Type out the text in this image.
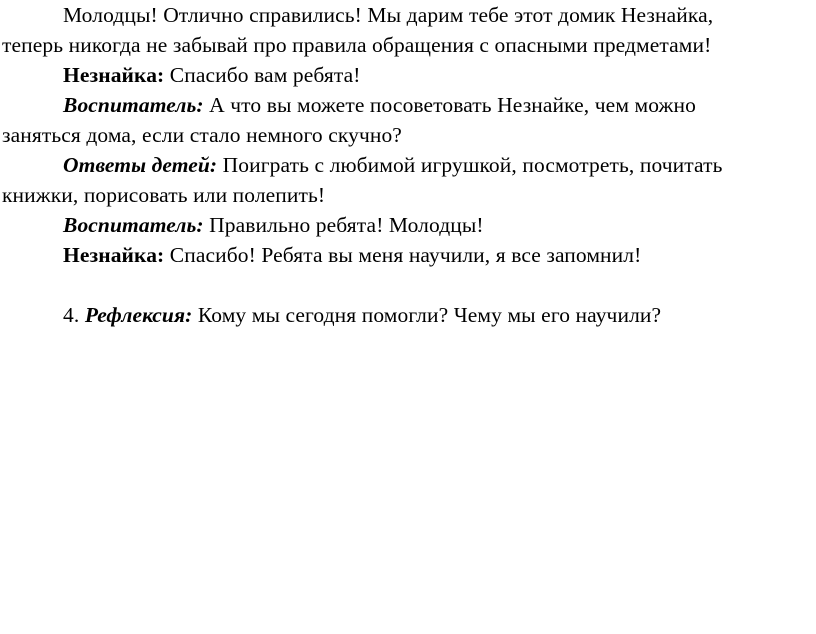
Молодцы! Отлично справились! Мы дарим тебе этот домик Незнайка,
теперь никогда не забывай про правила обращения с опасными предметами!
Незнайка: Спасибо вам ребята!
Воспитатель: А что вы можете посоветовать Незнайке, чем можно
заняться дома, если стало немного скучно?
Ответы детей: Поиграть с любимой игрушкой, посмотреть, почитать
книжки, порисовать или полепить!
Воспитатель: Правильно ребята! Молодцы!
Незнайка: Спасибо! Ребята вы меня научили, я все запомнил!
4. Рефлексия: Кому мы сегодня помогли? Чему мы его научили?
